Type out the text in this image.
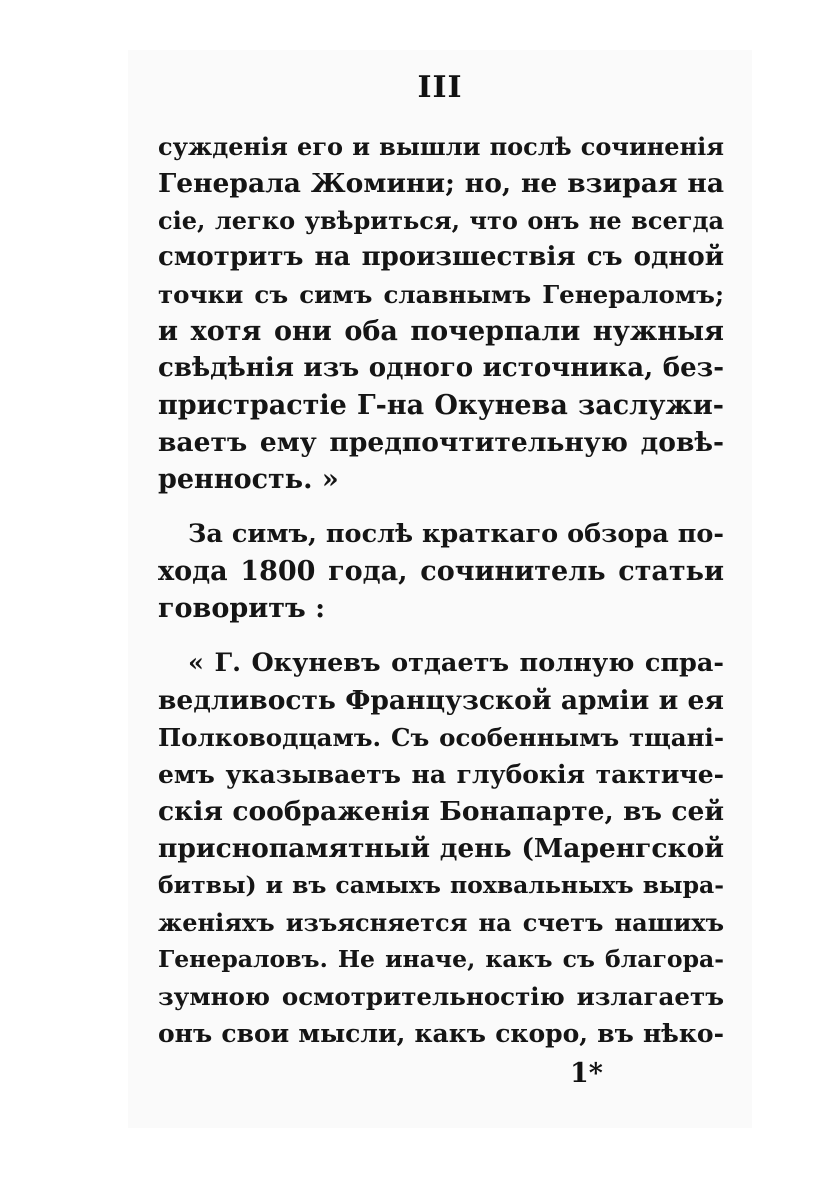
III
сужденія его и вышли послѣ сочиненія
Генерала Жомини; но, не взирая на
сіе, легко увѣриться, что онъ не всегда
смотритъ на произшествія съ одной
точки съ симъ славнымъ Генераломъ;
и хотя они оба почерпали нужныя
свѣдѣнія изъ одного источника, без-
пристрастіе Г-на Окунева заслужи-
ваетъ ему предпочтительную довѣ-
ренность. »
За симъ, послѣ краткаго обзора по-
хода 1800 года, сочинитель статьи
говоритъ :
« Г. Окуневъ отдаетъ полную спра-
ведливость Французской арміи и ея
Полководцамъ. Съ особеннымъ тщані-
емъ указываетъ на глубокія тактиче-
скія соображенія Бонапарте, въ сей
приснопамятный день (Маренгской
битвы) и въ самыхъ похвальныхъ выра-
женіяхъ изъясняется на счетъ нашихъ
Генераловъ. Не иначе, какъ съ благора-
зумною осмотрительностію излагаетъ
онъ свои мысли, какъ скоро, въ нѣко-
1*
